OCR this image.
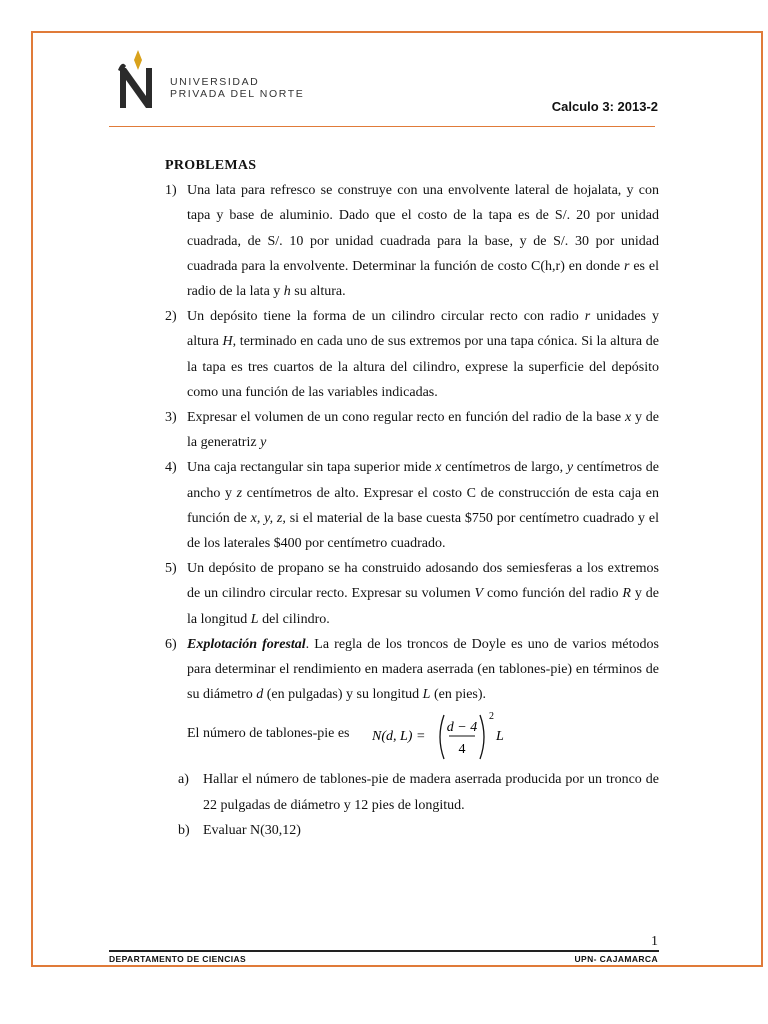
UNIVERSIDAD
PRIVADA DEL NORTE
Calculo 3: 2013-2

PROBLEMAS

1) Una lata para refresco se construye con una envolvente lateral de hojalata, y con tapa y base de aluminio. Dado que el costo de la tapa es de S/. 20 por unidad cuadrada, de S/. 10 por unidad cuadrada para la base, y de S/. 30 por unidad cuadrada para la envolvente. Determinar la función de costo C(h,r) en donde r es el radio de la lata y h su altura.

2) Un depósito tiene la forma de un cilindro circular recto con radio r unidades y altura H, terminado en cada uno de sus extremos por una tapa cónica. Si la altura de la tapa es tres cuartos de la altura del cilindro, exprese la superficie del depósito como una función de las variables indicadas.

3) Expresar el volumen de un cono regular recto en función del radio de la base x y de la generatriz y

4) Una caja rectangular sin tapa superior mide x centímetros de largo, y centímetros de ancho y z centímetros de alto. Expresar el costo C de construcción de esta caja en función de x, y, z, si el material de la base cuesta $750 por centímetro cuadrado y el de los laterales $400 por centímetro cuadrado.

5) Un depósito de propano se ha construido adosando dos semiesferas a los extremos de un cilindro circular recto. Expresar su volumen V como función del radio R y de la longitud L del cilindro.

6) Explotación forestal. La regla de los troncos de Doyle es uno de varios métodos para determinar el rendimiento en madera aserrada (en tablones-pie) en términos de su diámetro d (en pulgadas) y su longitud L (en pies).

El número de tablones-pie es N(d, L) =
d − 4
4
2
L

a) Hallar el número de tablones-pie de madera aserrada producida por un tronco de 22 pulgadas de diámetro y 12 pies de longitud.

b) Evaluar N(30,12)

1
DEPARTAMENTO DE CIENCIAS	UPN- CAJAMARCA
